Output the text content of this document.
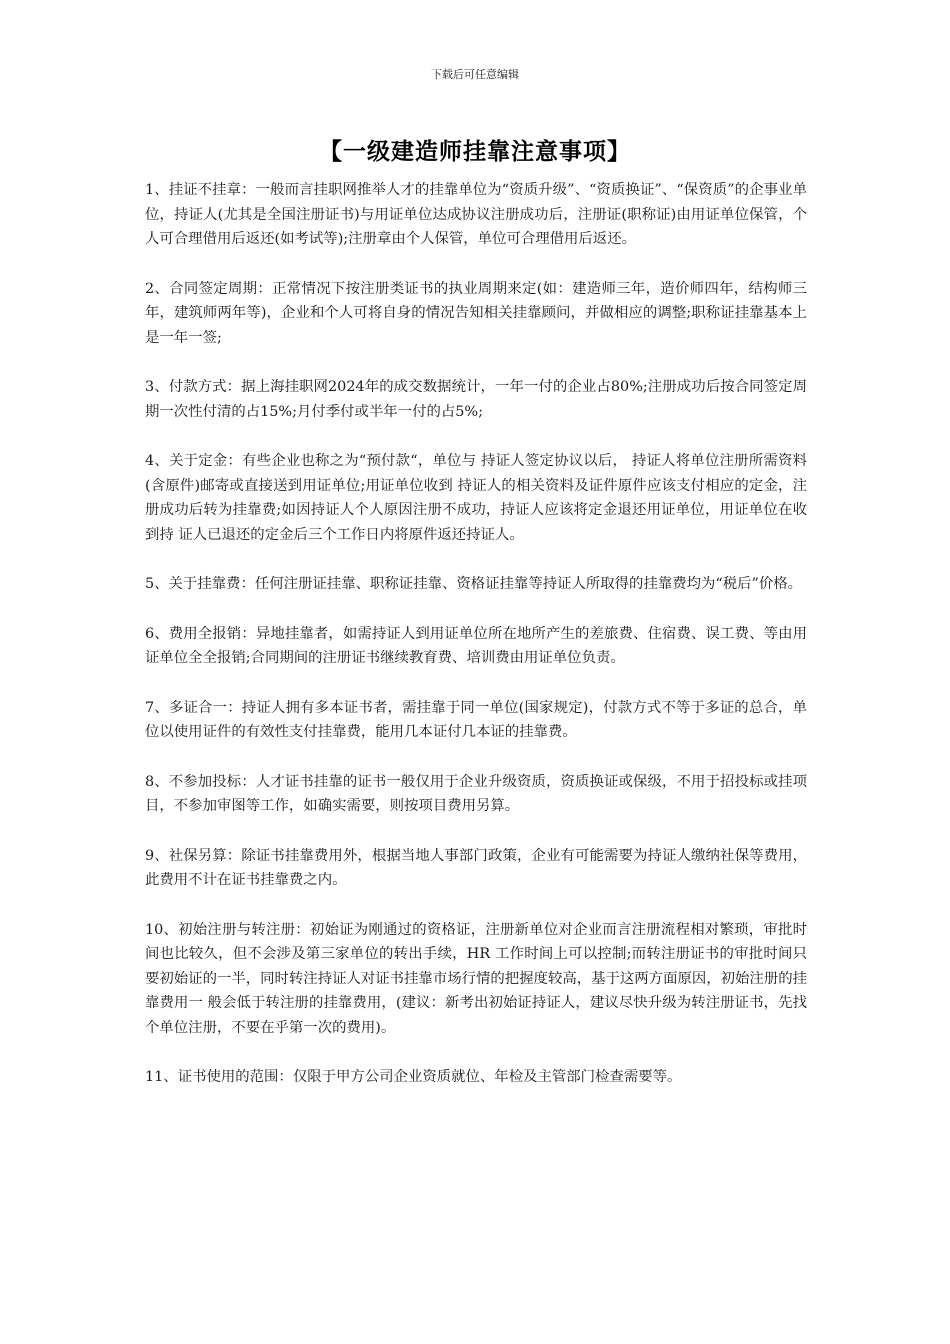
下载后可任意编辑
【一级建造师挂靠注意事项】

1、挂证不挂章：一般而言挂职网推举人才的挂靠单位为“资质升级”、“资质换证”、“保资质”的企事业单位，持证人(尤其是全国注册证书)与用证单位达成协议注册成功后，注册证(职称证)由用证单位保管，个人可合理借用后返还(如考试等);注册章由个人保管，单位可合理借用后返还。

2、合同签定周期：正常情况下按注册类证书的执业周期来定(如：建造师三年，造价师四年，结构师三年，建筑师两年等)，企业和个人可将自身的情况告知相关挂靠顾问，并做相应的调整;职称证挂靠基本上是一年一签;

3、付款方式：据上海挂职网2024年的成交数据统计，一年一付的企业占80%;注册成功后按合同签定周期一次性付清的占15%;月付季付或半年一付的占5%;

4、关于定金：有些企业也称之为“预付款“，单位与 持证人签定协议以后， 持证人将单位注册所需资料(含原件)邮寄或直接送到用证单位;用证单位收到 持证人的相关资料及证件原件应该支付相应的定金，注册成功后转为挂靠费;如因持证人个人原因注册不成功，持证人应该将定金退还用证单位，用证单位在收到持 证人已退还的定金后三个工作日内将原件返还持证人。

5、关于挂靠费：任何注册证挂靠、职称证挂靠、资格证挂靠等持证人所取得的挂靠费均为“税后”价格。

6、费用全报销：异地挂靠者，如需持证人到用证单位所在地所产生的差旅费、住宿费、误工费、等由用证单位全全报销;合同期间的注册证书继续教育费、培训费由用证单位负责。

7、多证合一：持证人拥有多本证书者，需挂靠于同一单位(国家规定)，付款方式不等于多证的总合，单位以使用证件的有效性支付挂靠费，能用几本证付几本证的挂靠费。

8、不参加投标：人才证书挂靠的证书一般仅用于企业升级资质，资质换证或保级，不用于招投标或挂项目，不参加审图等工作，如确实需要，则按项目费用另算。

9、社保另算：除证书挂靠费用外，根据当地人事部门政策，企业有可能需要为持证人缴纳社保等费用，此费用不计在证书挂靠费之内。

10、初始注册与转注册：初始证为刚通过的资格证，注册新单位对企业而言注册流程相对繁琐，审批时间也比较久，但不会涉及第三家单位的转出手续，HR 工作时间上可以控制;而转注册证书的审批时间只要初始证的一半，同时转注持证人对证书挂靠市场行情的把握度较高，基于这两方面原因，初始注册的挂靠费用一 般会低于转注册的挂靠费用，(建议：新考出初始证持证人，建议尽快升级为转注册证书，先找个单位注册，不要在乎第一次的费用)。

11、证书使用的范围：仅限于甲方公司企业资质就位、年检及主管部门检查需要等。
